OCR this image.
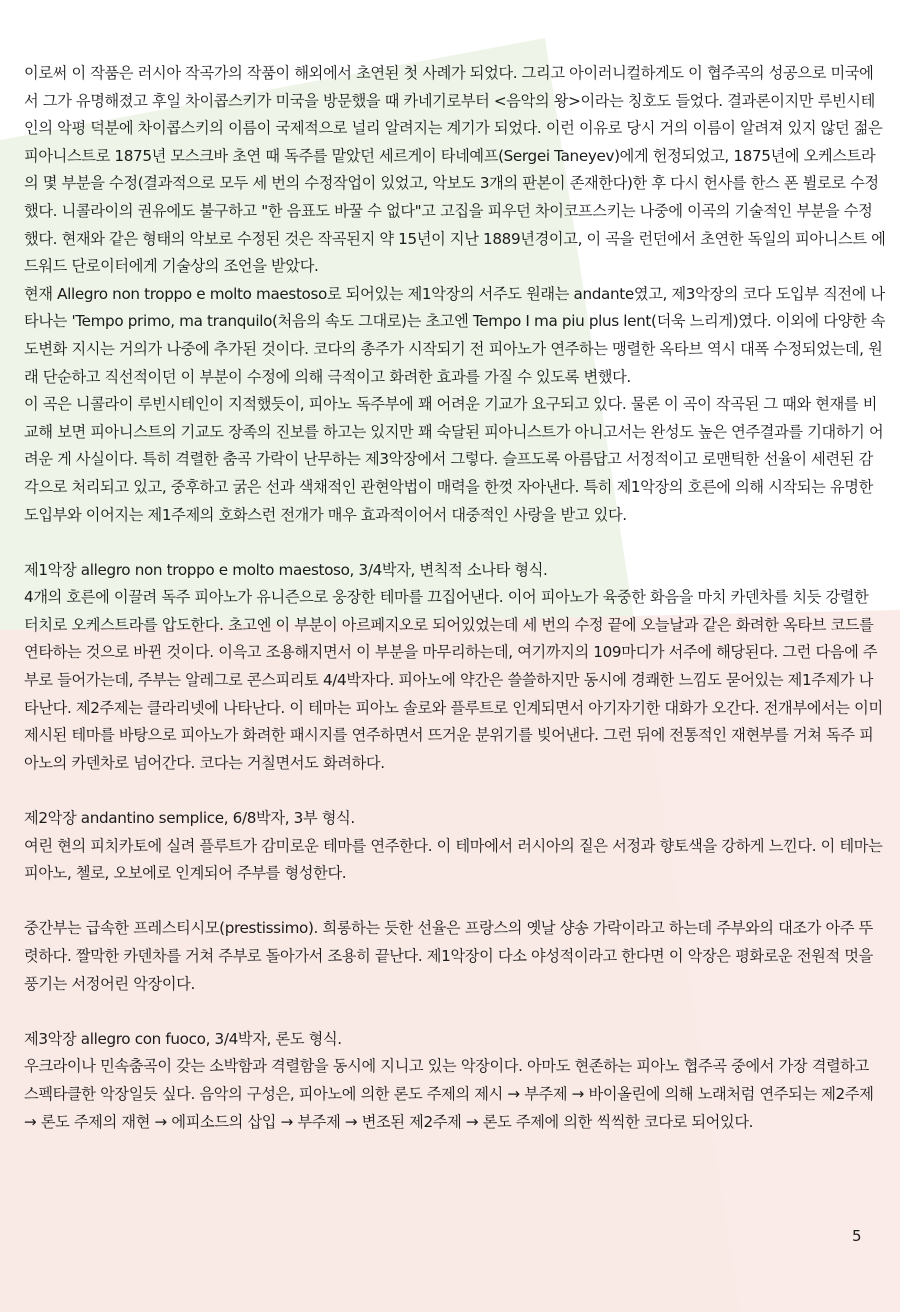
이로써 이 작품은 러시아 작곡가의 작품이 해외에서 초연된 첫 사례가 되었다. 그리고 아이러니컬하게도 이 협주곡의 성공으로 미국에서 그가 유명해졌고 후일 차이콥스키가 미국을 방문했을 때 카네기로부터 <음악의 왕>이라는 칭호도 들었다. 결과론이지만 루빈시테인의 악평 덕분에 차이콥스키의 이름이 국제적으로 널리 알려지는 계기가 되었다. 이런 이유로 당시 거의 이름이 알려져 있지 않던 젊은 피아니스트로 1875년 모스크바 초연 때 독주를 맡았던 세르게이 타네예프(Sergei Taneyev)에게 헌정되었고, 1875년에 오케스트라의 몇 부분을 수정(결과적으로 모두 세 번의 수정작업이 있었고, 악보도 3개의 판본이 존재한다)한 후 다시 헌사를 한스 폰 뷜로로 수정했다. 니콜라이의 권유에도 불구하고 "한 음표도 바꿀 수 없다"고 고집을 피우던 차이코프스키는 나중에 이곡의 기술적인 부분을 수정했다. 현재와 같은 형태의 악보로 수정된 것은 작곡된지 약 15년이 지난 1889년경이고, 이 곡을 런던에서 초연한 독일의 피아니스트 에드워드 단로이터에게 기술상의 조언을 받았다.

현재 Allegro non troppo e molto maestoso로 되어있는 제1악장의 서주도 원래는 andante였고, 제3악장의 코다 도입부 직전에 나타나는 'Tempo primo, ma tranquilo(처음의 속도 그대로)는 초고엔 Tempo I ma piu plus lent(더욱 느리게)였다. 이외에 다양한 속도변화 지시는 거의가 나중에 추가된 것이다. 코다의 총주가 시작되기 전 피아노가 연주하는 맹렬한 옥타브 역시 대폭 수정되었는데, 원래 단순하고 직선적이던 이 부분이 수정에 의해 극적이고 화려한 효과를 가질 수 있도록 변했다.

이 곡은 니콜라이 루빈시테인이 지적했듯이, 피아노 독주부에 꽤 어려운 기교가 요구되고 있다. 물론 이 곡이 작곡된 그 때와 현재를 비교해 보면 피아니스트의 기교도 장족의 진보를 하고는 있지만 꽤 숙달된 피아니스트가 아니고서는 완성도 높은 연주결과를 기대하기 어려운 게 사실이다. 특히 격렬한 춤곡 가락이 난무하는 제3악장에서 그렇다. 슬프도록 아름답고 서정적이고 로맨틱한 선율이 세련된 감각으로 처리되고 있고, 중후하고 굵은 선과 색채적인 관현악법이 매력을 한껏 자아낸다. 특히 제1악장의 호른에 의해 시작되는 유명한 도입부와 이어지는 제1주제의 호화스런 전개가 매우 효과적이어서 대중적인 사랑을 받고 있다.

제1악장 allegro non troppo e molto maestoso, 3/4박자, 변칙적 소나타 형식.

4개의 호른에 이끌려 독주 피아노가 유니즌으로 웅장한 테마를 끄집어낸다. 이어 피아노가 육중한 화음을 마치 카덴차를 치듯 강렬한 터치로 오케스트라를 압도한다. 초고엔 이 부분이 아르페지오로 되어있었는데 세 번의 수정 끝에 오늘날과 같은 화려한 옥타브 코드를 연타하는 것으로 바뀐 것이다. 이윽고 조용해지면서 이 부분을 마무리하는데, 여기까지의 109마디가 서주에 해당된다. 그런 다음에 주부로 들어가는데, 주부는 알레그로 콘스피리토 4/4박자다. 피아노에 약간은 쓸쓸하지만 동시에 경쾌한 느낌도 묻어있는 제1주제가 나타난다. 제2주제는 클라리넷에 나타난다. 이 테마는 피아노 솔로와 플루트로 인계되면서 아기자기한 대화가 오간다. 전개부에서는 이미 제시된 테마를 바탕으로 피아노가 화려한 패시지를 연주하면서 뜨거운 분위기를 빚어낸다. 그런 뒤에 전통적인 재현부를 거쳐 독주 피아노의 카덴차로 넘어간다. 코다는 거칠면서도 화려하다.

제2악장 andantino semplice, 6/8박자, 3부 형식.

여린 현의 피치카토에 실려 플루트가 감미로운 테마를 연주한다. 이 테마에서 러시아의 짙은 서정과 향토색을 강하게 느낀다. 이 테마는 피아노, 첼로, 오보에로 인계되어 주부를 형성한다.

중간부는 급속한 프레스티시모(prestissimo). 희롱하는 듯한 선율은 프랑스의 옛날 샹송 가락이라고 하는데 주부와의 대조가 아주 뚜렷하다. 짤막한 카덴차를 거쳐 주부로 돌아가서 조용히 끝난다. 제1악장이 다소 야성적이라고 한다면 이 악장은 평화로운 전원적 멋을 풍기는 서정어린 악장이다.

제3악장 allegro con fuoco, 3/4박자, 론도 형식.

우크라이나 민속춤곡이 갖는 소박함과 격렬함을 동시에 지니고 있는 악장이다. 아마도 현존하는 피아노 협주곡 중에서 가장 격렬하고 스펙타클한 악장일듯 싶다. 음악의 구성은, 피아노에 의한 론도 주제의 제시 → 부주제 → 바이올린에 의해 노래처럼 연주되는 제2주제 → 론도 주제의 재현 → 에피소드의 삽입 → 부주제 → 변조된 제2주제 → 론도 주제에 의한 씩씩한 코다로 되어있다.

5
